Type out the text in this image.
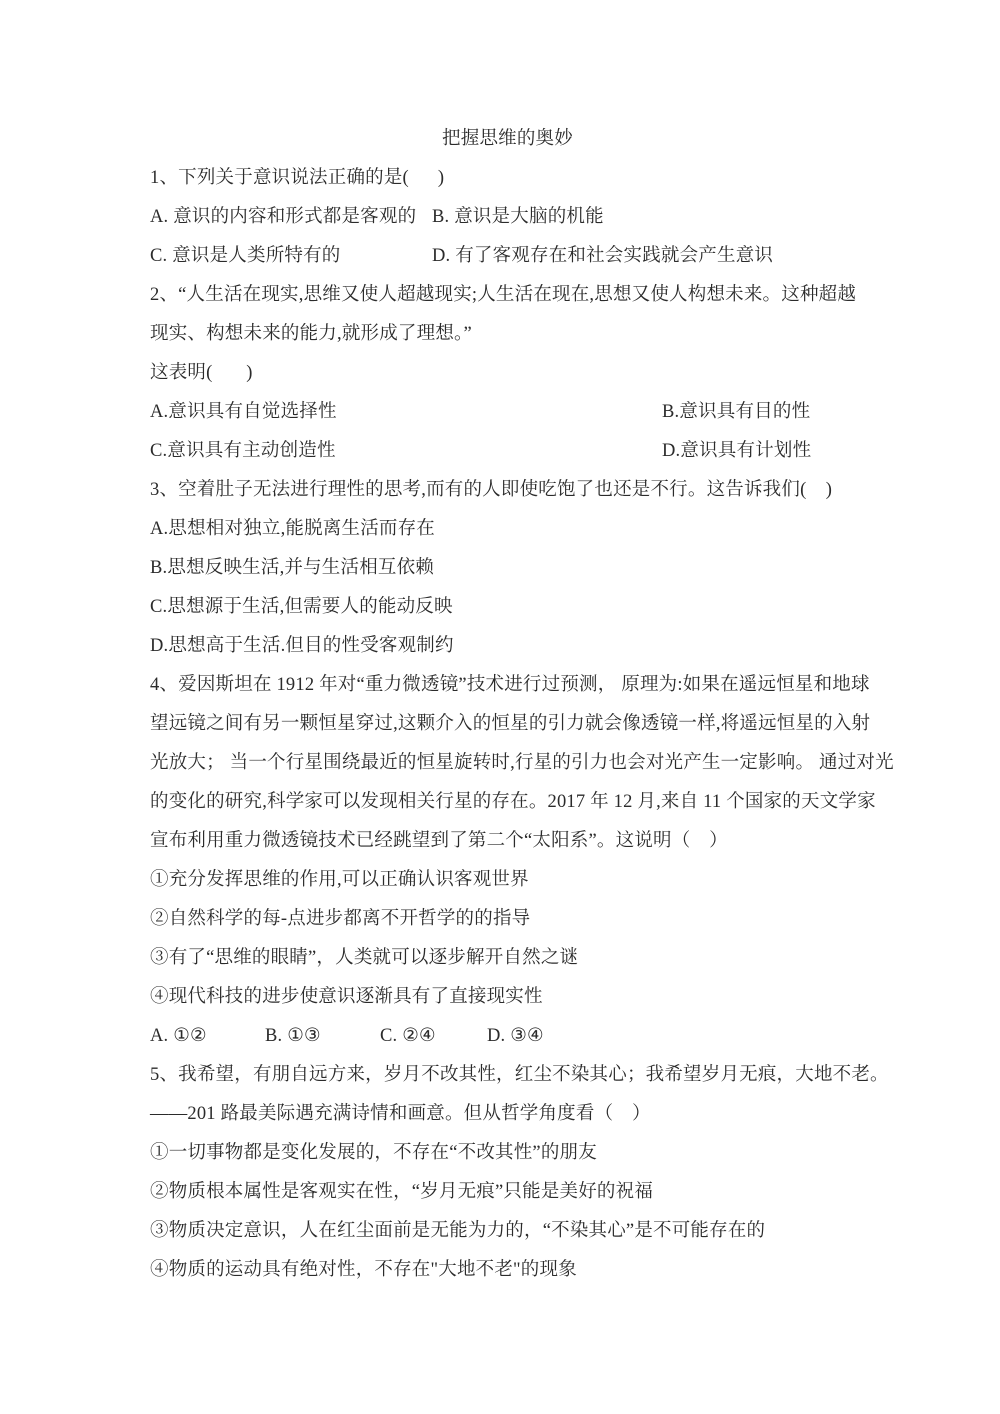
把握思维的奥妙
1、下列关于意识说法正确的是(      )
A. 意识的内容和形式都是客观的 B. 意识是大脑的机能
C. 意识是人类所特有的	D. 有了客观存在和社会实践就会产生意识
2、“人生活在现实,思维又使人超越现实;人生活在现在,思想又使人构想未来。这种超越
现实、构想未来的能力,就形成了理想。”
这表明(       )
A.意识具有自觉选择性	B.意识具有目的性
C.意识具有主动创造性	D.意识具有计划性
3、空着肚子无法进行理性的思考,而有的人即使吃饱了也还是不行。这告诉我们(    )
A.思想相对独立,能脱离生活而存在
B.思想反映生活,并与生活相互依赖
C.思想源于生活,但需要人的能动反映
D.思想高于生活.但目的性受客观制约
4、爱因斯坦在 1912 年对“重力微透镜”技术进行过预测， 原理为:如果在遥远恒星和地球
望远镜之间有另一颗恒星穿过,这颗介入的恒星的引力就会像透镜一样,将遥远恒星的入射
光放大； 当一个行星围绕最近的恒星旋转时,行星的引力也会对光产生一定影响。 通过对光
的变化的研究,科学家可以发现相关行星的存在。2017 年 12 月,来自 11 个国家的天文学家
宣布利用重力微透镜技术已经跳望到了第二个“太阳系”。这说明（　）
①充分发挥思维的作用,可以正确认识客观世界
②自然科学的每-点进步都离不开哲学的的指导
③有了“思维的眼睛”，人类就可以逐步解开自然之谜
④现代科技的进步使意识逐渐具有了直接现实性
A. ①②	B. ①③	C. ②④	D. ③④
5、我希望，有朋自远方来，岁月不改其性，红尘不染其心；我希望岁月无痕，大地不老。
——201 路最美际遇充满诗情和画意。但从哲学角度看（　）
①一切事物都是变化发展的，不存在“不改其性”的朋友
②物质根本属性是客观实在性，“岁月无痕”只能是美好的祝福
③物质决定意识，人在红尘面前是无能为力的，“不染其心”是不可能存在的
④物质的运动具有绝对性，不存在"大地不老"的现象
